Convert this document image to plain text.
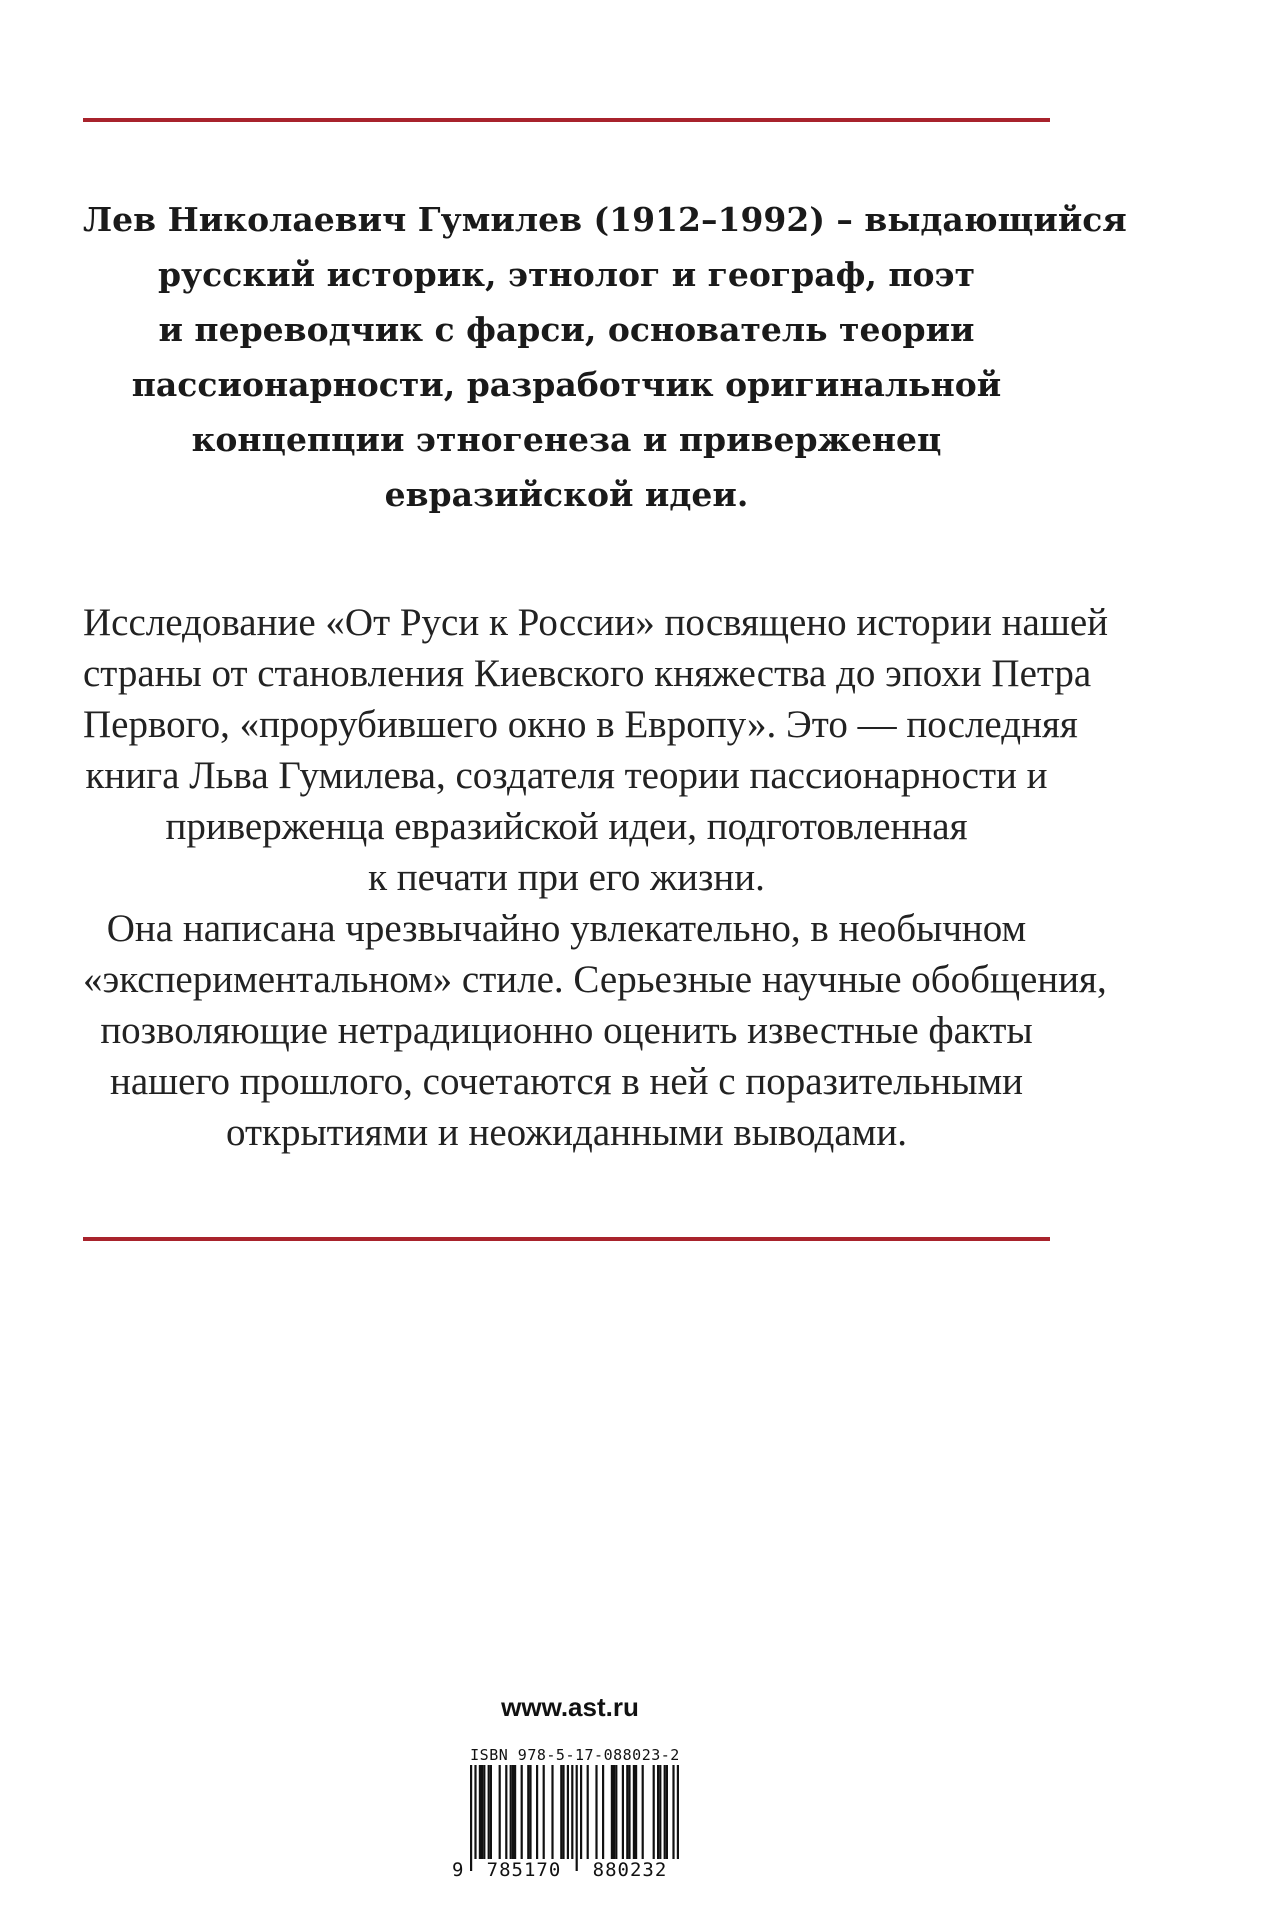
Лев Николаевич Гумилев (1912–1992) – выдающийся
русский историк, этнолог и географ, поэт
и переводчик с фарси, основатель теории
пассионарности, разработчик оригинальной
концепции этногенеза и приверженец
евразийской идеи.
Исследование «От Руси к России» посвящено истории нашей
страны от становления Киевского княжества до эпохи Петра
Первого, «прорубившего окно в Европу». Это — последняя
книга Льва Гумилева, создателя теории пассионарности и
приверженца евразийской идеи, подготовленная
к печати при его жизни.
Она написана чрезвычайно увлекательно, в необычном
«экспериментальном» стиле. Серьезные научные обобщения,
позволяющие нетрадиционно оценить известные факты
нашего прошлого, сочетаются в ней с поразительными
открытиями и неожиданными выводами.
www.ast.ru
ISBN 978-5-17-088023-2
9	785170	880232
